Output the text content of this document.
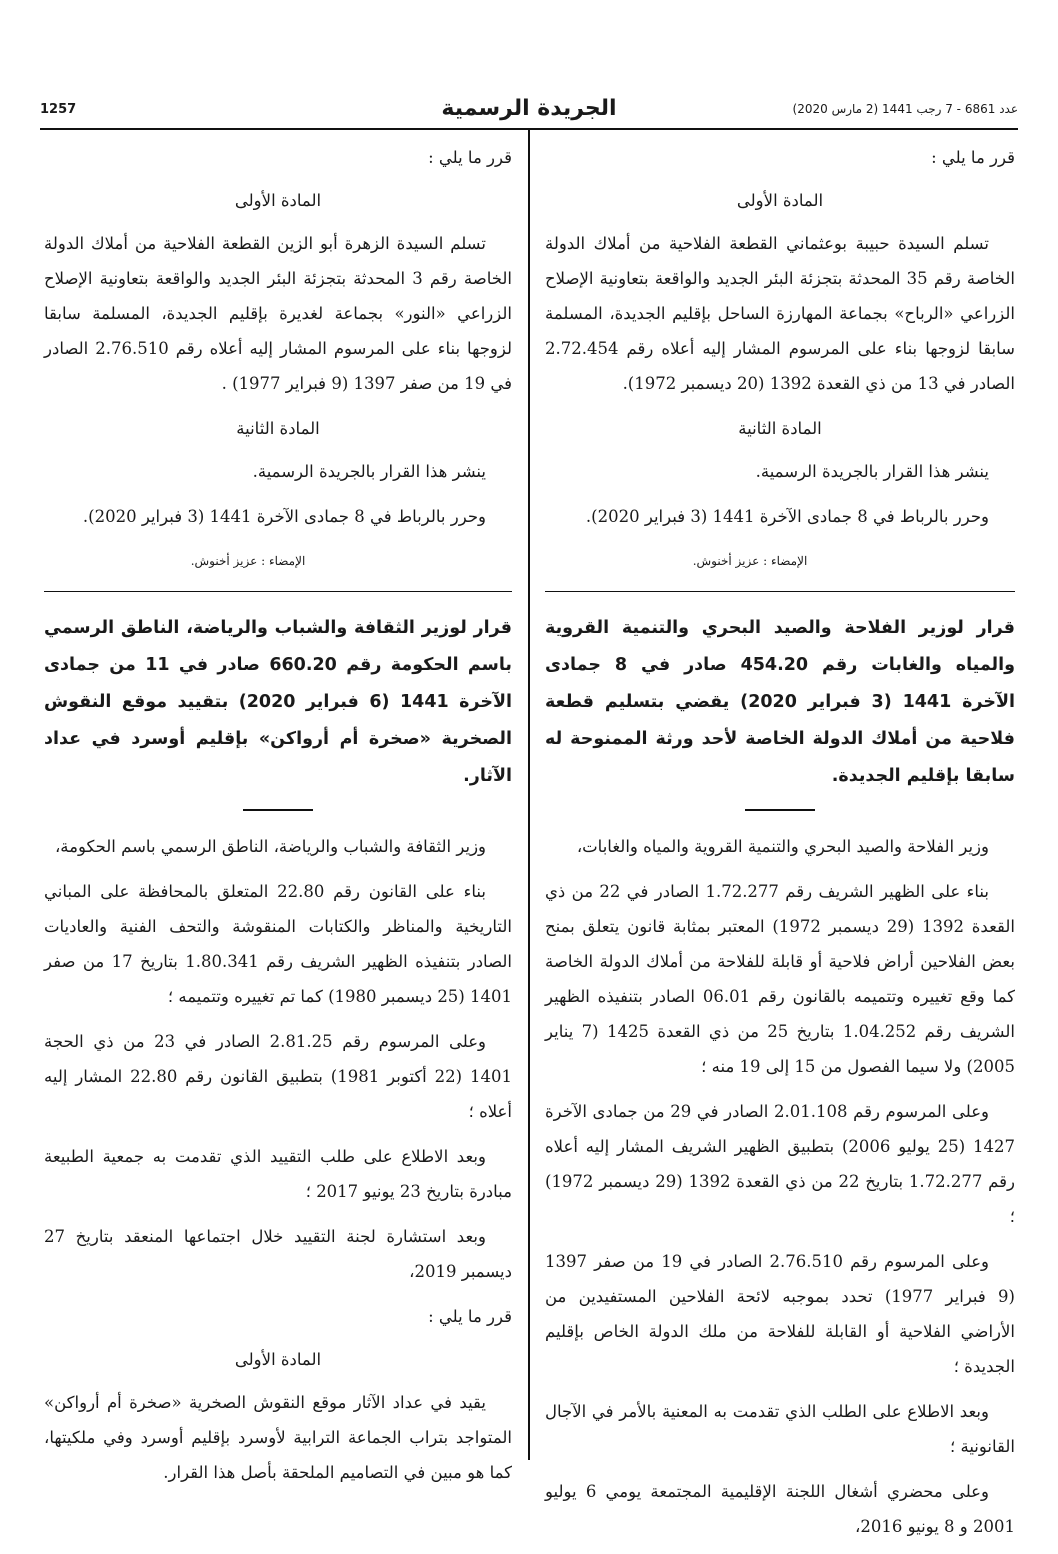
1257	الجريدة الرسمية	عدد 6861 - 7 رجب 1441 (2 مارس 2020)

قرر ما يلي :

المادة الأولى

تسلم السيدة حبيبة بوعثماني القطعة الفلاحية من أملاك الدولة الخاصة رقم 35 المحدثة بتجزئة البئر الجديد والواقعة بتعاونية الإصلاح الزراعي «الرباح» بجماعة المهارزة الساحل بإقليم الجديدة، المسلمة سابقا لزوجها بناء على المرسوم المشار إليه أعلاه رقم 2.72.454 الصادر في 13 من ذي القعدة 1392 (20 ديسمبر 1972).

المادة الثانية

ينشر هذا القرار بالجريدة الرسمية.

وحرر بالرباط في 8 جمادى الآخرة 1441 (3 فبراير 2020).

الإمضاء : عزيز أخنوش.

قرار لوزير الفلاحة والصيد البحري والتنمية القروية والمياه والغابات رقم 454.20 صادر في 8 جمادى الآخرة 1441 (3 فبراير 2020) يقضي بتسليم قطعة فلاحية من أملاك الدولة الخاصة لأحد ورثة الممنوحة له سابقا بإقليم الجديدة.

وزير الفلاحة والصيد البحري والتنمية القروية والمياه والغابات،

بناء على الظهير الشريف رقم 1.72.277 الصادر في 22 من ذي القعدة 1392 (29 ديسمبر 1972) المعتبر بمثابة قانون يتعلق بمنح بعض الفلاحين أراض فلاحية أو قابلة للفلاحة من أملاك الدولة الخاصة كما وقع تغييره وتتميمه بالقانون رقم 06.01 الصادر بتنفيذه الظهير الشريف رقم 1.04.252 بتاريخ 25 من ذي القعدة 1425 (7 يناير 2005) ولا سيما الفصول من 15 إلى 19 منه ؛

وعلى المرسوم رقم 2.01.108 الصادر في 29 من جمادى الآخرة 1427 (25 يوليو 2006) بتطبيق الظهير الشريف المشار إليه أعلاه رقم 1.72.277 بتاريخ 22 من ذي القعدة 1392 (29 ديسمبر 1972) ؛

وعلى المرسوم رقم 2.76.510 الصادر في 19 من صفر 1397 (9 فبراير 1977) تحدد بموجبه لائحة الفلاحين المستفيدين من الأراضي الفلاحية أو القابلة للفلاحة من ملك الدولة الخاص بإقليم الجديدة ؛

وبعد الاطلاع على الطلب الذي تقدمت به المعنية بالأمر في الآجال القانونية ؛

وعلى محضري أشغال اللجنة الإقليمية المجتمعة يومي 6 يوليو 2001 و 8 يونيو 2016،

قرر ما يلي :

المادة الأولى

تسلم السيدة الزهرة أبو الزين القطعة الفلاحية من أملاك الدولة الخاصة رقم 3 المحدثة بتجزئة البئر الجديد والواقعة بتعاونية الإصلاح الزراعي «النور» بجماعة لغديرة بإقليم الجديدة، المسلمة سابقا لزوجها بناء على المرسوم المشار إليه أعلاه رقم 2.76.510 الصادر في 19 من صفر 1397 (9 فبراير 1977) .

المادة الثانية

ينشر هذا القرار بالجريدة الرسمية.

وحرر بالرباط في 8 جمادى الآخرة 1441 (3 فبراير 2020).

الإمضاء : عزيز أخنوش.

قرار لوزير الثقافة والشباب والرياضة، الناطق الرسمي باسم الحكومة رقم 660.20 صادر في 11 من جمادى الآخرة 1441 (6 فبراير 2020) بتقييد موقع النقوش الصخرية «صخرة أم أرواكن» بإقليم أوسرد في عداد الآثار.

وزير الثقافة والشباب والرياضة، الناطق الرسمي باسم الحكومة،

بناء على القانون رقم 22.80 المتعلق بالمحافظة على المباني التاريخية والمناظر والكتابات المنقوشة والتحف الفنية والعاديات الصادر بتنفيذه الظهير الشريف رقم 1.80.341 بتاريخ 17 من صفر 1401 (25 ديسمبر 1980) كما تم تغييره وتتميمه ؛

وعلى المرسوم رقم 2.81.25 الصادر في 23 من ذي الحجة 1401 (22 أكتوبر 1981) بتطبيق القانون رقم 22.80 المشار إليه أعلاه ؛

وبعد الاطلاع على طلب التقييد الذي تقدمت به جمعية الطبيعة مبادرة بتاريخ 23 يونيو 2017 ؛

وبعد استشارة لجنة التقييد خلال اجتماعها المنعقد بتاريخ 27 ديسمبر 2019،

قرر ما يلي :

المادة الأولى

يقيد في عداد الآثار موقع النقوش الصخرية «صخرة أم أرواكن» المتواجد بتراب الجماعة الترابية لأوسرد بإقليم أوسرد وفي ملكيتها، كما هو مبين في التصاميم الملحقة بأصل هذا القرار.
